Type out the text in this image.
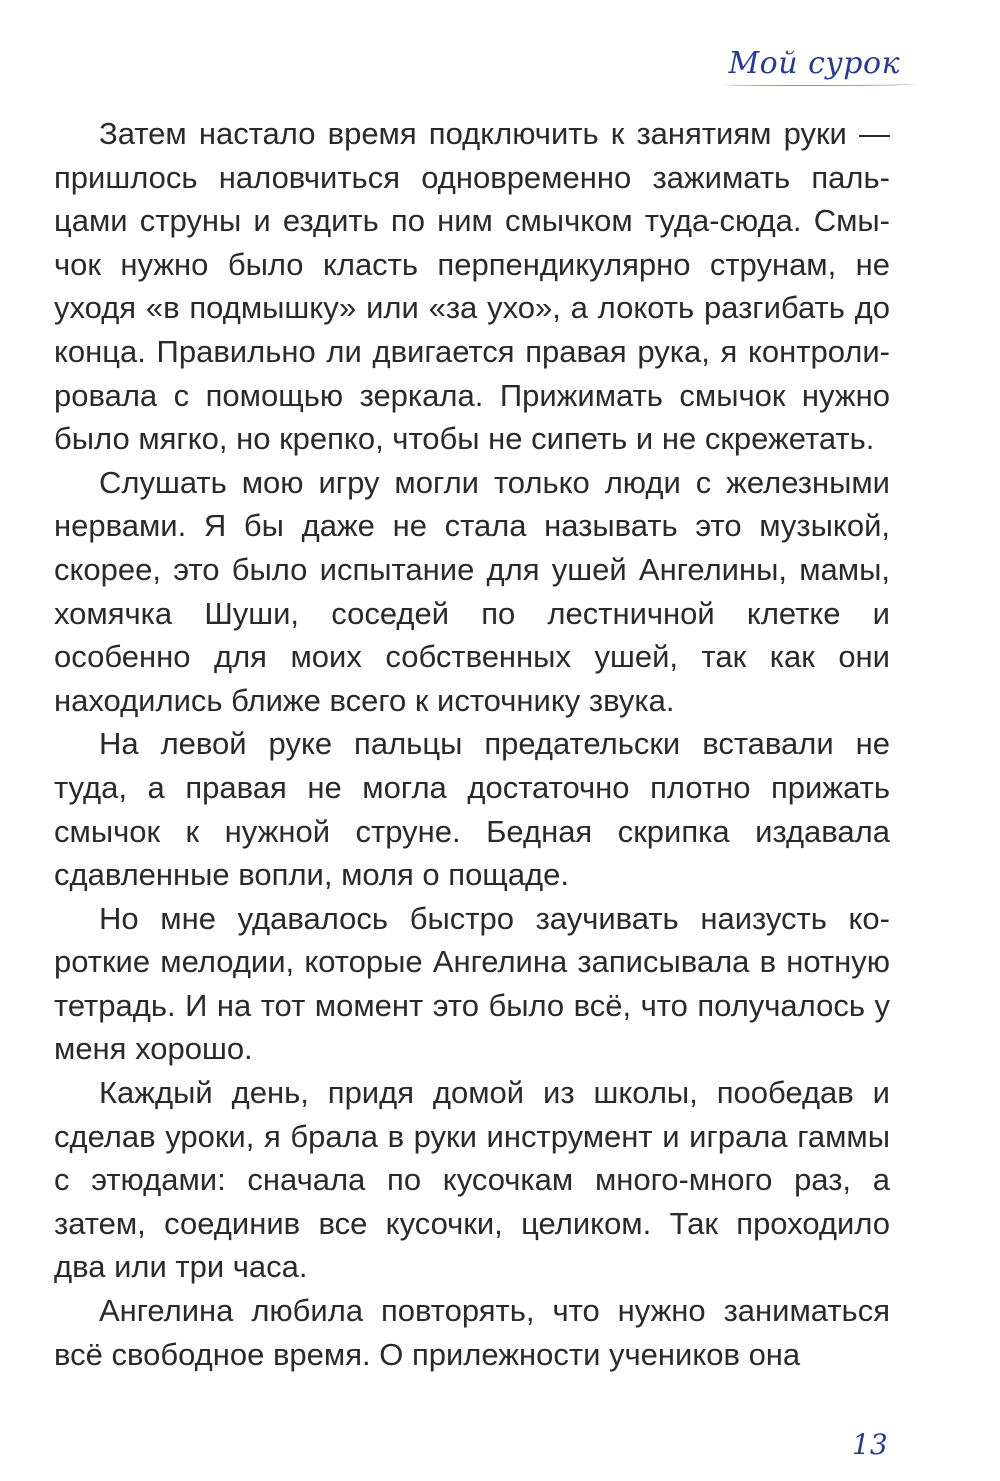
Мой сурок

Затем настало время подключить к занятиям руки — пришлось наловчиться одновременно зажимать пальцами струны и ездить по ним смычком туда-сюда. Смычок нужно было класть перпендикулярно струнам, не уходя «в подмышку» или «за ухо», а локоть разгибать до конца. Правильно ли двигается правая рука, я контролировала с помощью зеркала. Прижимать смычок нужно было мягко, но крепко, чтобы не сипеть и не скрежетать.

Слушать мою игру могли только люди с железными нервами. Я бы даже не стала называть это музыкой, скорее, это было испытание для ушей Ангелины, мамы, хомячка Шуши, соседей по лестничной клетке и особенно для моих собственных ушей, так как они находились ближе всего к источнику звука.

На левой руке пальцы предательски вставали не туда, а правая не могла достаточно плотно прижать смычок к нужной струне. Бедная скрипка издавала сдавленные вопли, моля о пощаде.

Но мне удавалось быстро заучивать наизусть короткие мелодии, которые Ангелина записывала в нотную тетрадь. И на тот момент это было всё, что получалось у меня хорошо.

Каждый день, придя домой из школы, пообедав и сделав уроки, я брала в руки инструмент и играла гаммы с этюдами: сначала по кусочкам много-много раз, а затем, соединив все кусочки, целиком. Так проходило два или три часа.

Ангелина любила повторять, что нужно заниматься всё свободное время. О прилежности учеников она

13
